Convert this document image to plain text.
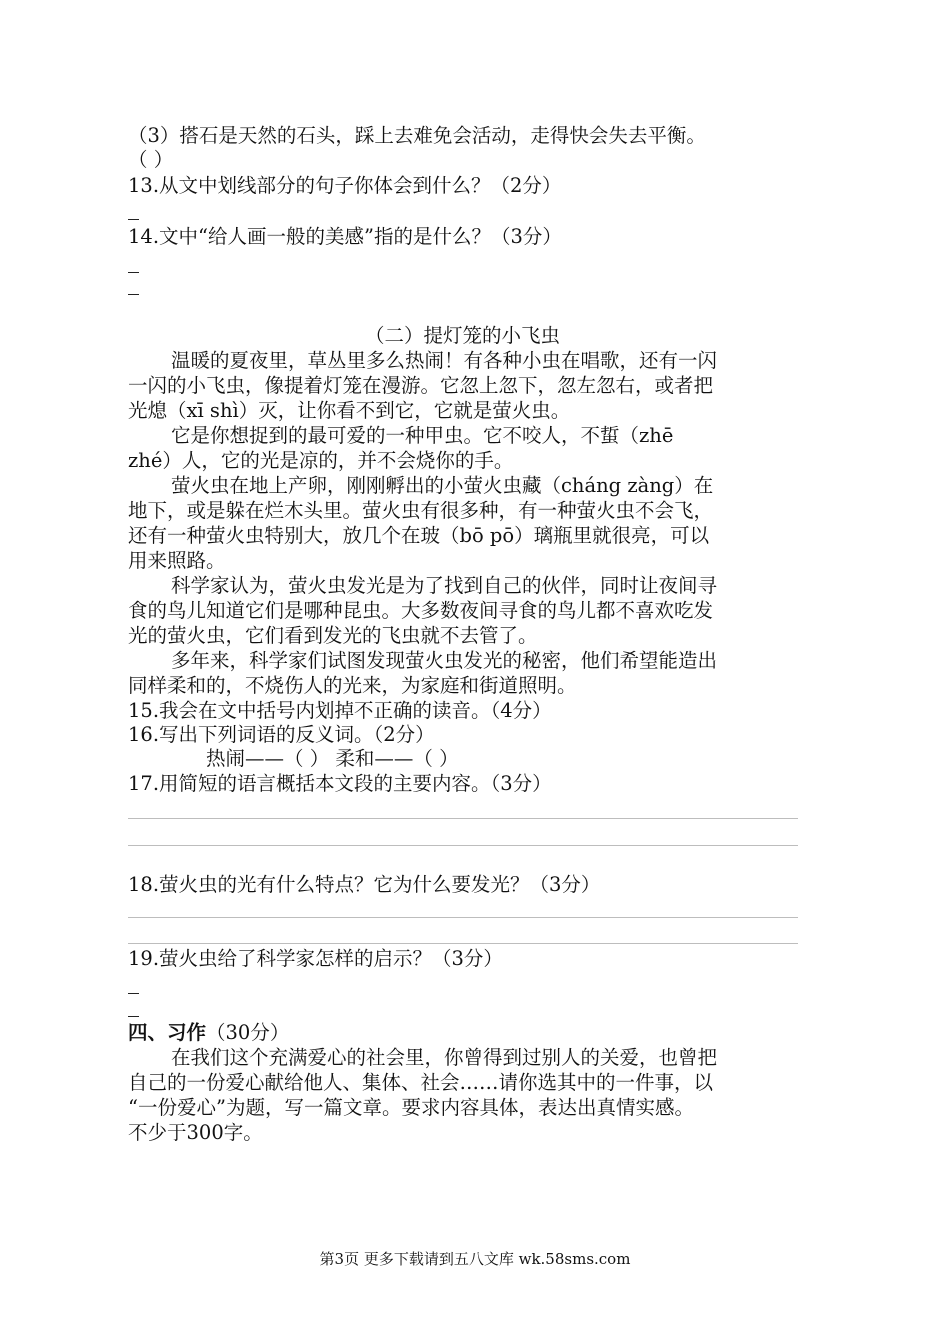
（3）搭石是天然的石头，踩上去难免会活动，走得快会失去平衡。
（ ）
13.从文中划线部分的句子你体会到什么？（2分）
14.文中“给人画一般的美感”指的是什么？（3分）
（二）提灯笼的小飞虫
温暖的夏夜里，草丛里多么热闹！有各种小虫在唱歌，还有一闪
一闪的小飞虫，像提着灯笼在漫游。它忽上忽下，忽左忽右，或者把
光熄（xī shì）灭，让你看不到它，它就是萤火虫。
它是你想捉到的最可爱的一种甲虫。它不咬人，不蜇（zhē
zhé）人，它的光是凉的，并不会烧你的手。
萤火虫在地上产卵，刚刚孵出的小萤火虫藏（cháng zàng）在
地下，或是躲在烂木头里。萤火虫有很多种，有一种萤火虫不会飞，
还有一种萤火虫特别大，放几个在玻（bō pō）璃瓶里就很亮，可以
用来照路。
科学家认为，萤火虫发光是为了找到自己的伙伴，同时让夜间寻
食的鸟儿知道它们是哪种昆虫。大多数夜间寻食的鸟儿都不喜欢吃发
光的萤火虫，它们看到发光的飞虫就不去管了。
多年来，科学家们试图发现萤火虫发光的秘密，他们希望能造出
同样柔和的，不烧伤人的光来，为家庭和街道照明。
15.我会在文中括号内划掉不正确的读音。（4分）
16.写出下列词语的反义词。（2分）
热闹——（ ） 柔和——（ ）
17.用简短的语言概括本文段的主要内容。（3分）
18.萤火虫的光有什么特点？它为什么要发光？（3分）
19.萤火虫给了科学家怎样的启示？（3分）
四、习作（30分）
在我们这个充满爱心的社会里，你曾得到过别人的关爱，也曾把
自己的一份爱心献给他人、集体、社会……请你选其中的一件事，以
“一份爱心”为题，写一篇文章。要求内容具体，表达出真情实感。
不少于300字。
第3页 更多下载请到五八文库 wk.58sms.com
